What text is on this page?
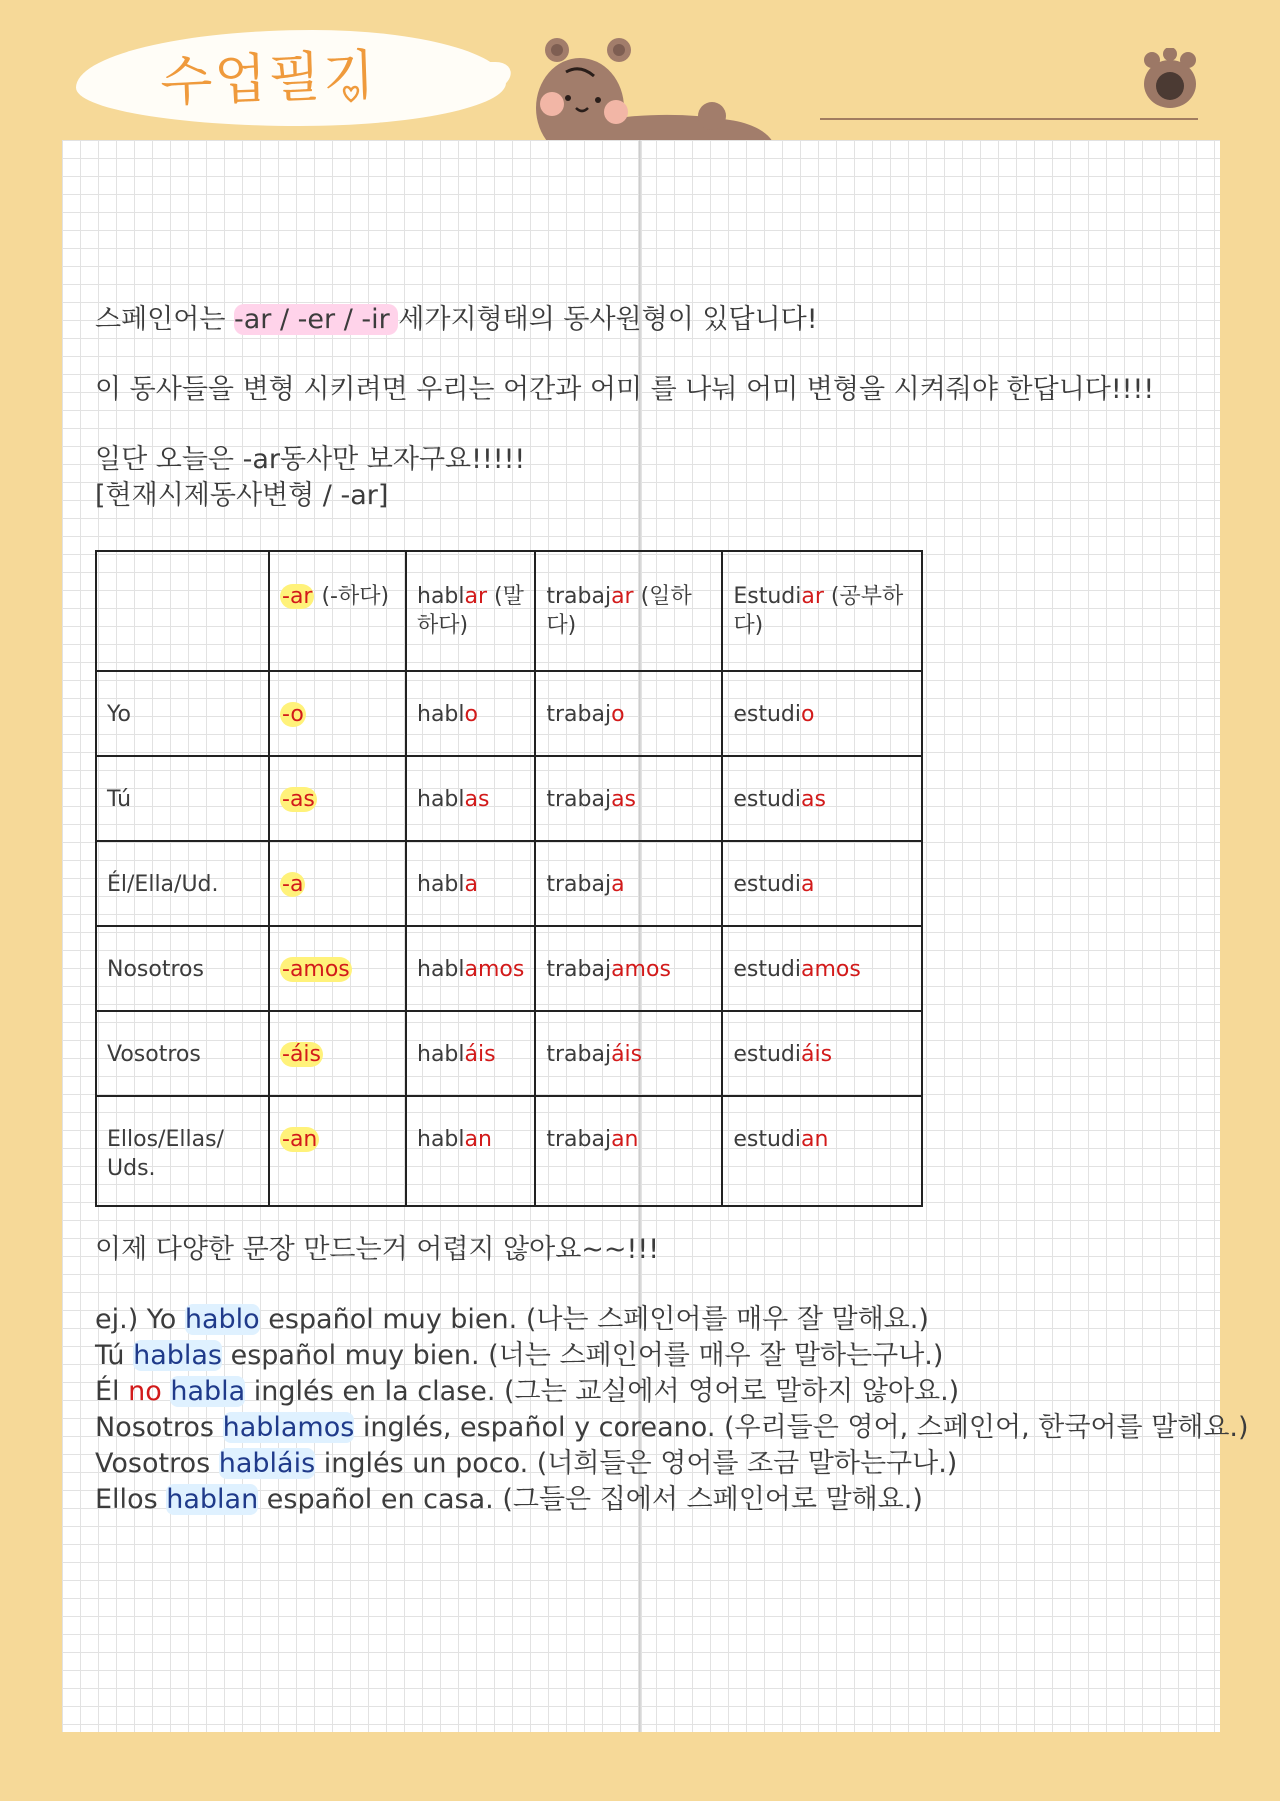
수업필기
스페인어는 -ar / -er / -ir 세가지형태의 동사원형이 있답니다!
이 동사들을 변형 시키려면 우리는 어간과 어미 를 나눠 어미 변형을 시켜줘야 한답니다!!!!
일단 오늘은 -ar동사만 보자구요!!!!!
[현재시제동사변형 / -ar]
	-ar (-하다)	hablar (말하다)	trabajar (일하다)	Estudiar (공부하다)
Yo	-o	hablo	trabajo	estudio
Tú	-as	hablas	trabajas	estudias
Él/Ella/Ud.	-a	habla	trabaja	estudia
Nosotros	-amos	hablamos	trabajamos	estudiamos
Vosotros	-áis	habláis	trabajáis	estudiáis
Ellos/Ellas/ Uds.	-an	hablan	trabajan	estudian
이제 다양한 문장 만드는거 어렵지 않아요~~!!!
ej.) Yo hablo español muy bien. (나는 스페인어를 매우 잘 말해요.)
Tú hablas español muy bien. (너는 스페인어를 매우 잘 말하는구나.)
Él no habla inglés en la clase. (그는 교실에서 영어로 말하지 않아요.)
Nosotros hablamos inglés, español y coreano. (우리들은 영어, 스페인어, 한국어를 말해요.)
Vosotros habláis inglés un poco. (너희들은 영어를 조금 말하는구나.)
Ellos hablan español en casa. (그들은 집에서 스페인어로 말해요.)
